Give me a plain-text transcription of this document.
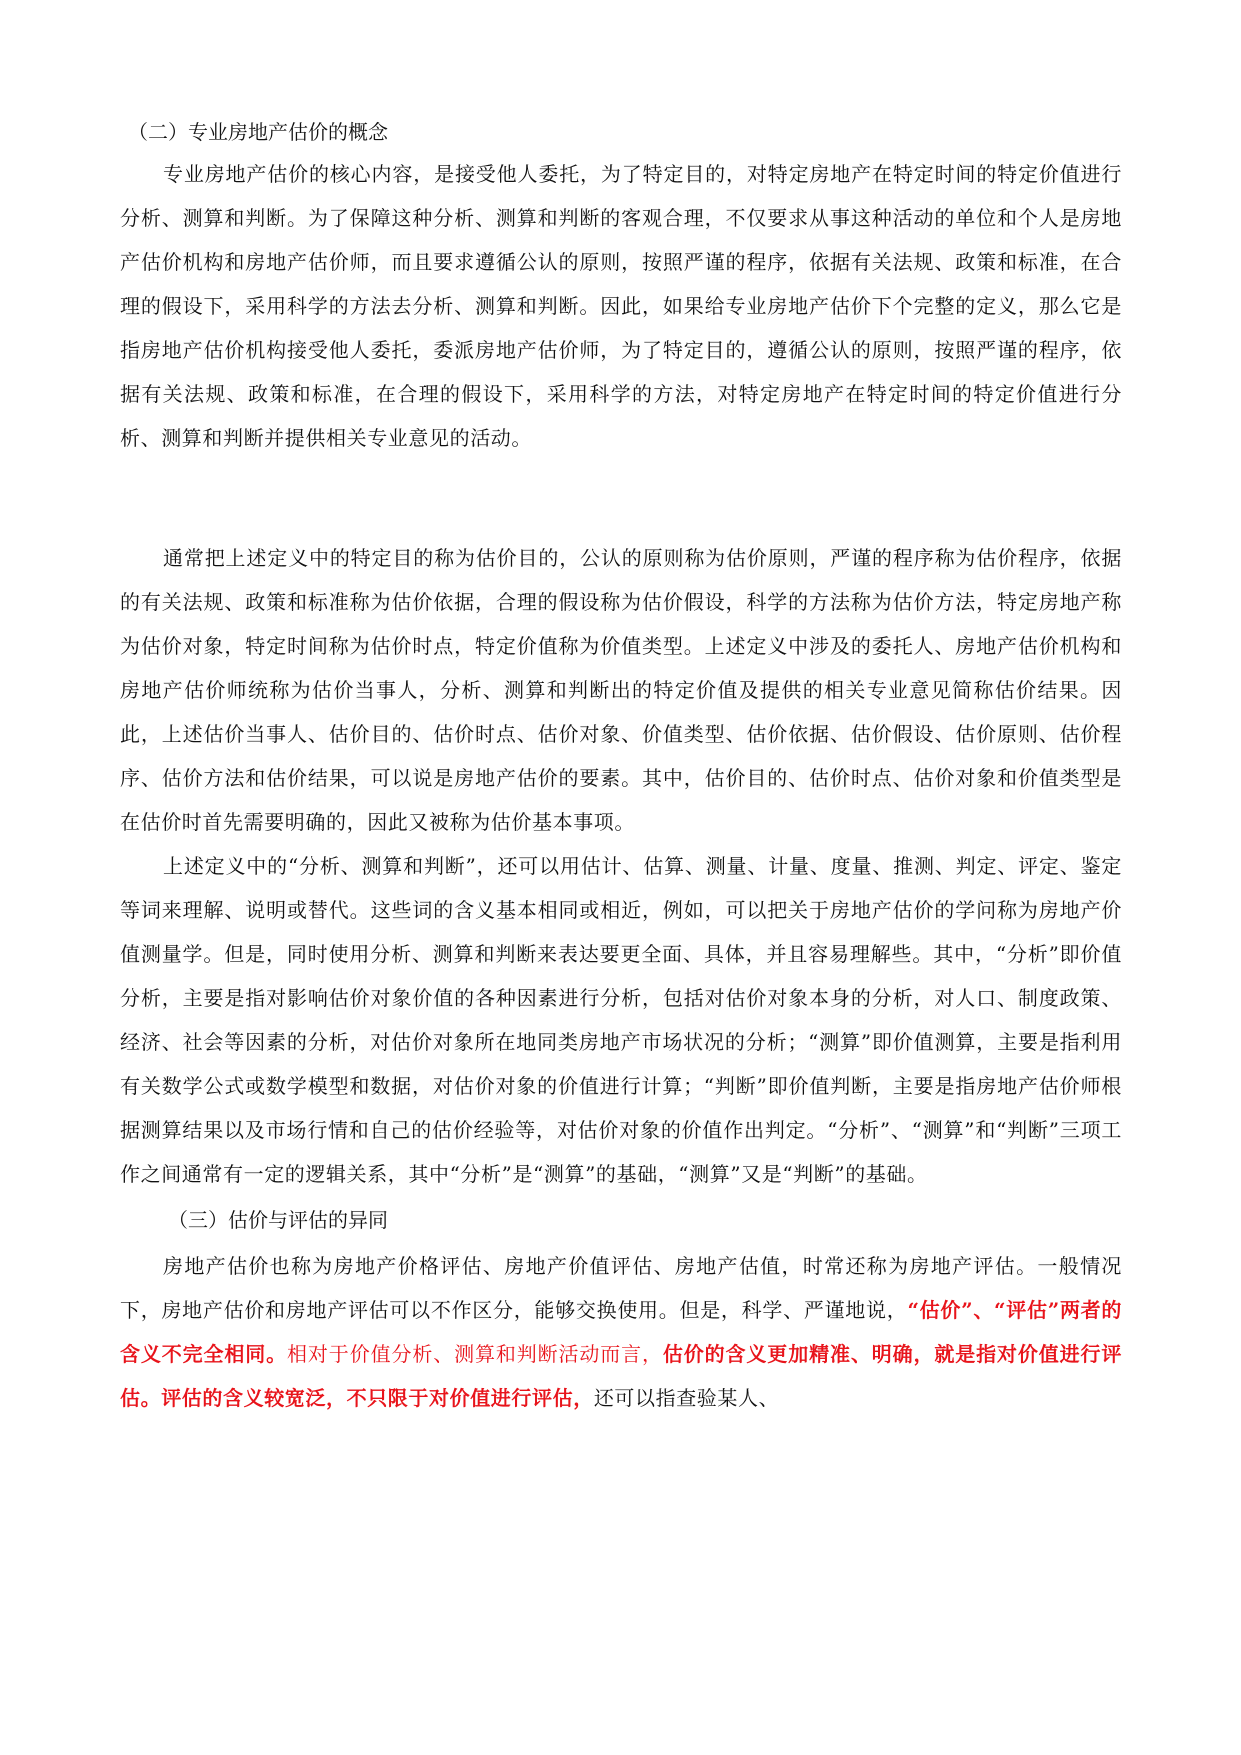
（二）专业房地产估价的概念

专业房地产估价的核心内容，是接受他人委托，为了特定目的，对特定房地产在特定时间的特定价值进行分析、测算和判断。为了保障这种分析、测算和判断的客观合理，不仅要求从事这种活动的单位和个人是房地产估价机构和房地产估价师，而且要求遵循公认的原则，按照严谨的程序，依据有关法规、政策和标准，在合理的假设下，采用科学的方法去分析、测算和判断。因此，如果给专业房地产估价下个完整的定义，那么它是指房地产估价机构接受他人委托，委派房地产估价师，为了特定目的，遵循公认的原则，按照严谨的程序，依据有关法规、政策和标准，在合理的假设下，采用科学的方法，对特定房地产在特定时间的特定价值进行分析、测算和判断并提供相关专业意见的活动。

通常把上述定义中的特定目的称为估价目的，公认的原则称为估价原则，严谨的程序称为估价程序，依据的有关法规、政策和标准称为估价依据，合理的假设称为估价假设，科学的方法称为估价方法，特定房地产称为估价对象，特定时间称为估价时点，特定价值称为价值类型。上述定义中涉及的委托人、房地产估价机构和房地产估价师统称为估价当事人，分析、测算和判断出的特定价值及提供的相关专业意见简称估价结果。因此，上述估价当事人、估价目的、估价时点、估价对象、价值类型、估价依据、估价假设、估价原则、估价程序、估价方法和估价结果，可以说是房地产估价的要素。其中，估价目的、估价时点、估价对象和价值类型是在估价时首先需要明确的，因此又被称为估价基本事项。

上述定义中的“分析、测算和判断”，还可以用估计、估算、测量、计量、度量、推测、判定、评定、鉴定等词来理解、说明或替代。这些词的含义基本相同或相近，例如，可以把关于房地产估价的学问称为房地产价值测量学。但是，同时使用分析、测算和判断来表达要更全面、具体，并且容易理解些。其中，“分析”即价值分析，主要是指对影响估价对象价值的各种因素进行分析，包括对估价对象本身的分析，对人口、制度政策、经济、社会等因素的分析，对估价对象所在地同类房地产市场状况的分析；“测算”即价值测算，主要是指利用有关数学公式或数学模型和数据，对估价对象的价值进行计算；“判断”即价值判断，主要是指房地产估价师根据测算结果以及市场行情和自己的估价经验等，对估价对象的价值作出判定。“分析”、“测算”和“判断”三项工作之间通常有一定的逻辑关系，其中“分析”是“测算”的基础，“测算”又是“判断”的基础。

（三）估价与评估的异同

房地产估价也称为房地产价格评估、房地产价值评估、房地产估值，时常还称为房地产评估。一般情况下，房地产估价和房地产评估可以不作区分，能够交换使用。但是，科学、严谨地说，“估价”、“评估”两者的含义不完全相同。相对于价值分析、测算和判断活动而言，估价的含义更加精准、明确，就是指对价值进行评估。评估的含义较宽泛，不只限于对价值进行评估，还可以指查验某人、
